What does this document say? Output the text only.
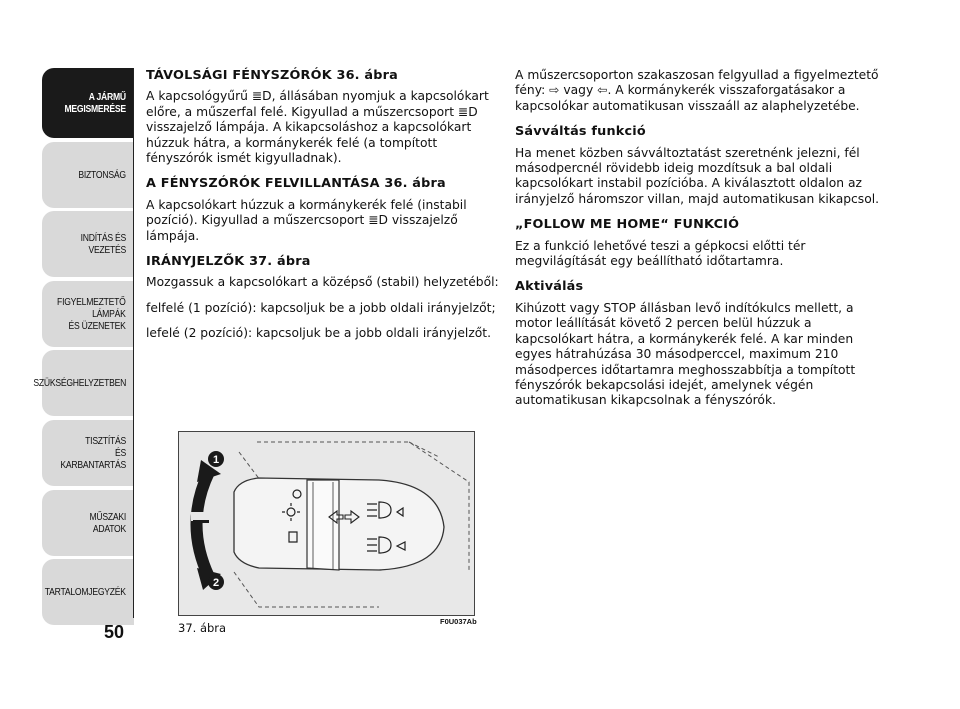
A JÁRMŰ
MEGISMERÉSE
BIZTONSÁG
INDÍTÁS ÉS VEZETÉS
FIGYELMEZTETŐ
LÁMPÁK
ÉS ÜZENETEK
SZÜKSÉGHELYZETBEN
TISZTÍTÁS
ÉS KARBANTARTÁS
MŰSZAKI ADATOK
TARTALOMJEGYZÉK
50
TÁVOLSÁGI FÉNYSZÓRÓK 36. ábra

A kapcsológyűrű ≣D, állásában nyomjuk a kapcsolókart előre, a műszerfal felé. Kigyullad a műszercsoport ≣D visszajelző lámpája. A kikapcsoláshoz a kapcsolókart húzzuk hátra, a kormánykerék felé (a tompított fényszórók ismét kigyulladnak).

A FÉNYSZÓRÓK FELVILLANTÁSA 36. ábra

A kapcsolókart húzzuk a kormánykerék felé (instabil pozíció). Kigyullad a műszercsoport ≣D visszajelző lámpája.

IRÁNYJELZŐK 37. ábra

Mozgassuk a kapcsolókart a középső (stabil) helyzetéből:

felfelé (1 pozíció): kapcsoljuk be a jobb oldali irányjelzőt;

lefelé (2 pozíció): kapcsoljuk be a jobb oldali irányjelzőt.

A műszercsoporton szakaszosan felgyullad a figyelmeztető fény: ⇨ vagy ⇦. A kormánykerék visszaforgatásakor a kapcsolókar automatikusan visszaáll az alaphelyzetébe.

Sávváltás funkció

Ha menet közben sávváltoztatást szeretnénk jelezni, fél másodpercnél rövidebb ideig mozdítsuk a bal oldali kapcsolókart instabil pozícióba. A kiválasztott oldalon az irányjelző háromszor villan, majd automatikusan kikapcsol.

„FOLLOW ME HOME“ FUNKCIÓ

Ez a funkció lehetővé teszi a gépkocsi előtti tér megvilágítását egy beállítható időtartamra.

Aktiválás

Kihúzott vagy STOP állásban levő indítókulcs mellett, a motor leállítását követő 2 percen belül húzzuk a kapcsolókart hátra, a kormánykerék felé. A kar minden egyes hátrahúzása 30 másodperccel, maximum 210 másodperces időtartamra meghosszabbítja a tompított fényszórók bekapcsolási idejét, amelynek végén automatikusan kikapcsolnak a fényszórók.

1
2
37. ábra	F0U037Ab
